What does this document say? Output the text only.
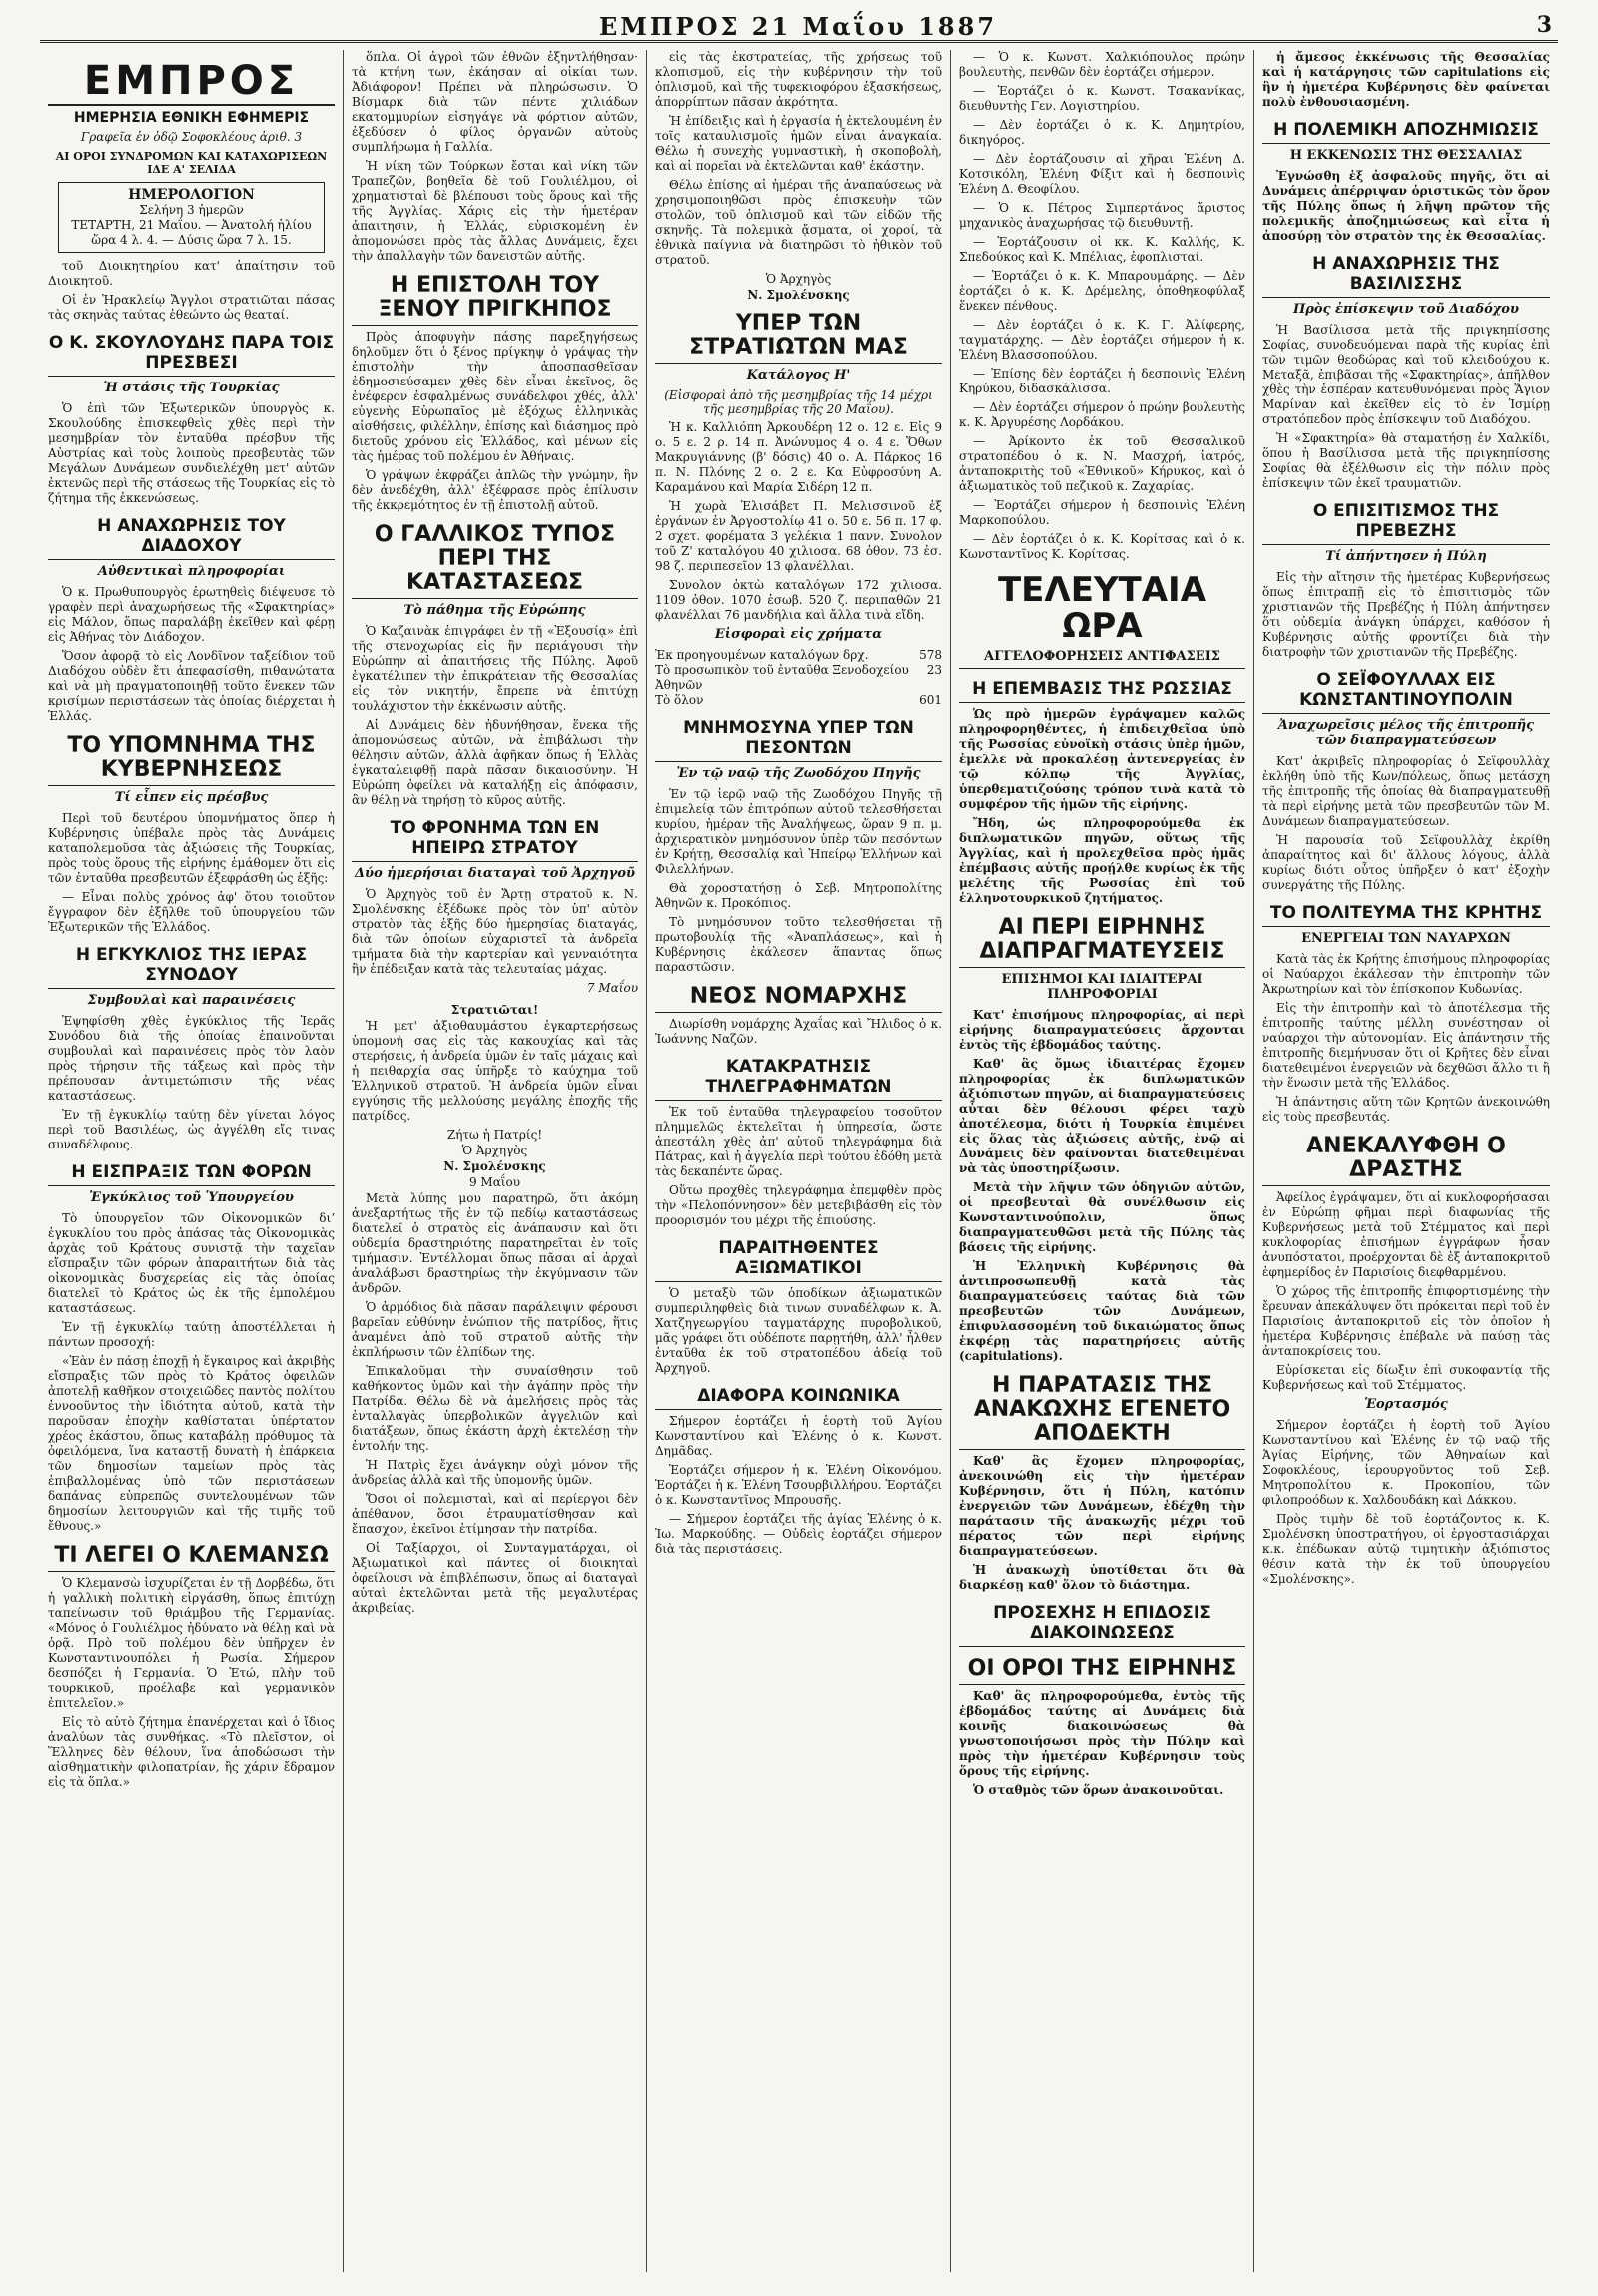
ΕΜΠΡΟΣ 21 Μαΐου 1887	3
ΕΜΠΡΟΣ
ΗΜΕΡΗΣΙΑ ΕΘΝΙΚΗ ΕΦΗΜΕΡΙΣ
Γραφεῖα ἐν ὁδῷ Σοφοκλέους ἀριθ. 3
ΑΙ ΟΡΟΙ ΣΥΝΔΡΟΜΩΝ ΚΑΙ ΚΑΤΑΧΩΡΙΣΕΩΝ ΙΔΕ Α' ΣΕΛΙΔΑ
ΗΜΕΡΟΛΟΓΙΟΝ
Σελήνη 3 ἡμερῶν
ΤΕΤΑΡΤΗ, 21 Μαΐου. — Ἀνατολή ἡλίου ὥρα 4 λ. 4. — Δύσις ὥρα 7 λ. 15.

τοῦ Διοικητηρίου κατ' ἀπαίτησιν τοῦ Διοικητοῦ.

Οἱ ἐν Ἡρακλείῳ Ἄγγλοι στρατιῶται πάσας τὰς σκηνὰς ταύτας ἐθεώντο ὡς θεαταί.

Ο Κ. ΣΚΟΥΛΟΥΔΗΣ ΠΑΡΑ ΤΟΙΣ ΠΡΕΣΒΕΣΙ
Ἡ στάσις τῆς Τουρκίας

Ὁ ἐπὶ τῶν Ἐξωτερικῶν ὑπουργὸς κ. Σκουλούδης ἐπισκεφθεὶς χθὲς περὶ τὴν μεσημβρίαν τὸν ἐνταῦθα πρέσβυν τῆς Αὐστρίας καὶ τοὺς λοιποὺς πρεσβευτὰς τῶν Μεγάλων Δυνάμεων συνδιελέχθη μετ' αὐτῶν ἐκτενῶς περὶ τῆς στάσεως τῆς Τουρκίας εἰς τὸ ζήτημα τῆς ἐκκενώσεως.

Η ΑΝΑΧΩΡΗΣΙΣ ΤΟΥ ΔΙΑΔΟΧΟΥ
Αὐθεντικαὶ πληροφορίαι

Ὁ κ. Πρωθυπουργὸς ἐρωτηθεὶς διέψευσε τὸ γραφὲν περὶ ἀναχωρήσεως τῆς «Σφακτηρίας» εἰς Μάλον, ὅπως παραλάβῃ ἐκεῖθεν καὶ φέρῃ εἰς Ἀθήνας τὸν Διάδοχον.

Ὅσον ἀφορᾷ τὸ εἰς Λονδῖνον ταξείδιον τοῦ Διαδόχου οὐδὲν ἔτι ἀπεφασίσθη, πιθανώτατα καὶ νὰ μὴ πραγματοποιηθῇ τοῦτο ἕνεκεν τῶν κρισίμων περιστάσεων τὰς ὁποίας διέρχεται ἡ Ἑλλάς.

ΤΟ ΥΠΟΜΝΗΜΑ ΤΗΣ ΚΥΒΕΡΝΗΣΕΩΣ
Τί εἶπεν εἰς πρέσβυς

Περὶ τοῦ δευτέρου ὑπομνήματος ὅπερ ἡ Κυβέρνησις ὑπέβαλε πρὸς τὰς Δυνάμεις καταπολεμοῦσα τὰς ἀξιώσεις τῆς Τουρκίας, πρὸς τοὺς ὅρους τῆς εἰρήνης ἐμάθομεν ὅτι εἰς τῶν ἐνταῦθα πρεσβευτῶν ἐξεφράσθη ὡς ἑξῆς:

— Εἶναι πολὺς χρόνος ἀφ' ὅτου τοιοῦτον ἔγγραφον δὲν ἐξῆλθε τοῦ ὑπουργείου τῶν Ἐξωτερικῶν τῆς Ἑλλάδος.

Η ΕΓΚΥΚΛΙΟΣ ΤΗΣ ΙΕΡΑΣ ΣΥΝΟΔΟΥ
Συμβουλαὶ καὶ παραινέσεις

Ἐψηφίσθη χθὲς ἐγκύκλιος τῆς Ἱερᾶς Συνόδου διὰ τῆς ὁποίας ἐπαινοῦνται συμβουλαὶ καὶ παραινέσεις πρὸς τὸν λαὸν πρὸς τήρησιν τῆς τάξεως καὶ πρὸς τὴν πρέπουσαν ἀντιμετώπισιν τῆς νέας καταστάσεως.

Ἐν τῇ ἐγκυκλίῳ ταύτῃ δὲν γίνεται λόγος περὶ τοῦ Βασιλέως, ὡς ἀγγέλθη εἴς τινας συναδέλφους.

Η ΕΙΣΠΡΑΞΙΣ ΤΩΝ ΦΟΡΩΝ
Ἐγκύκλιος τοῦ Ὑπουργείου

Τὸ ὑπουργεῖον τῶν Οἰκονομικῶν διʼ ἐγκυκλίου του πρὸς ἁπάσας τὰς Οἰκονομικὰς ἀρχὰς τοῦ Κράτους συνιστᾷ τὴν ταχεῖαν εἴσπραξιν τῶν φόρων ἀπαραιτήτων διὰ τὰς οἰκονομικὰς δυσχερείας εἰς τὰς ὁποίας διατελεῖ τὸ Κράτος ὡς ἐκ τῆς ἐμπολέμου καταστάσεως.

Ἐν τῇ ἐγκυκλίῳ ταύτῃ ἀποστέλλεται ἡ πάντων προσοχή:

«Ἐὰν ἐν πάσῃ ἐποχῇ ἡ ἔγκαιρος καὶ ἀκριβὴς εἴσπραξις τῶν πρὸς τὸ Κράτος ὀφειλῶν ἀποτελῇ καθῆκον στοιχειῶδες παντὸς πολίτου ἐννοοῦντος τὴν ἰδιότητα αὐτοῦ, κατὰ τὴν παροῦσαν ἐποχὴν καθίσταται ὑπέρτατον χρέος ἑκάστου, ὅπως καταβάλῃ πρόθυμος τὰ ὀφειλόμενα, ἵνα καταστῇ δυνατὴ ἡ ἐπάρκεια τῶν δημοσίων ταμείων πρὸς τὰς ἐπιβαλλομένας ὑπὸ τῶν περιστάσεων δαπάνας εὐπρεπῶς συντελουμένων τῶν δημοσίων λειτουργιῶν καὶ τῆς τιμῆς τοῦ ἔθνους.»

ΤΙ ΛΕΓΕΙ Ο ΚΛΕΜΑΝΣΩ

Ὁ Κλεμανσὼ ἰσχυρίζεται ἐν τῇ Δορβέδω, ὅτι ἡ γαλλικὴ πολιτικὴ εἰργάσθη, ὅπως ἐπιτύχῃ ταπείνωσιν τοῦ θριάμβου τῆς Γερμανίας. «Μόνος ὁ Γουλιέλμος ἠδύνατο νὰ θέλῃ καὶ νὰ ὁρᾷ. Πρὸ τοῦ πολέμου δὲν ὑπῆρχεν ἐν Κωνσταντινουπόλει ἡ Ρωσία. Σήμερον δεσπόζει ἡ Γερμανία. Ὁ Ἑτώ, πλὴν τοῦ τουρκικοῦ, προέλαβε καὶ γερμανικὸν ἐπιτελεῖον.»

Εἰς τὸ αὐτὸ ζήτημα ἐπανέρχεται καὶ ὁ ἴδιος ἀναλύων τὰς συνθήκας. «Τὸ πλεῖστον, οἱ Ἕλληνες δὲν θέλουν, ἵνα ἀποδώσωσι τὴν αἰσθηματικὴν φιλοπατρίαν, ἢς χάριν ἔδραμον εἰς τὰ ὅπλα.»

ὅπλα. Οἱ ἀγροὶ τῶν ἐθνῶν ἐξηντλήθησαν· τὰ κτήνη των, ἐκάησαν αἱ οἰκίαι των. Ἀδιάφορον! Πρέπει νὰ πληρώσωσιν. Ὁ Βίσμαρκ διὰ τῶν πέντε χιλιάδων εκατομμυρίων εἰσηγάγε νὰ φόρτιον αὐτῶν, ἐξεδύσεν ὁ φίλος ὀργανῶν αὐτοὺς συμπλήρωμα ἡ Γαλλία.

Ἡ νίκη τῶν Τούρκων ἔσται καὶ νίκη τῶν Τραπεζῶν, βοηθεῖα δὲ τοῦ Γουλιέλμου, οἱ χρηματισταὶ δὲ βλέπουσι τοὺς ὅρους καὶ τῆς τῆς Ἀγγλίας. Χάρις εἰς τὴν ἡμετέραν ἀπαιτησιν, ἡ Ἑλλάς, εὐρισκομένη ἐν ἀπομονώσει πρὸς τὰς ἄλλας Δυνάμεις, ἔχει τὴν ἀπαλλαγὴν τῶν δανειστῶν αὐτῆς.

Η ΕΠΙΣΤΟΛΗ ΤΟΥ ΞΕΝΟΥ ΠΡΙΓΚΗΠΟΣ

Πρὸς ἀποφυγὴν πάσης παρεξηγήσεως δηλοῦμεν ὅτι ὁ ξένος πρίγκηψ ὁ γράψας τὴν ἐπιστολὴν τὴν ἀποσπασθεῖσαν ἐδημοσιεύσαμεν χθὲς δὲν εἶναι ἐκεῖνος, ὃς ἐνέφερον ἐσφαλμένως συνάδελφοι χθές, ἀλλ' εὐγενὴς Εὐρωπαῖος μὲ ἐξόχως ἑλληνικὰς αἰσθήσεις, φιλέλλην, ἐπίσης καὶ διάσημος πρὸ διετοῦς χρόνου εἰς Ἑλλάδος, καὶ μένων εἰς τὰς ἡμέρας τοῦ πολέμου ἐν Ἀθήναις.

Ὁ γράψων ἐκφράζει ἁπλῶς τὴν γνώμην, ἣν δὲν ἀνεδέχθη, ἀλλ' ἐξέφρασε πρὸς ἐπίλυσιν τῆς ἐκκρεμότητος ἐν τῇ ἐπιστολῇ αὐτοῦ.

Ο ΓΑΛΛΙΚΟΣ ΤΥΠΟΣ ΠΕΡΙ ΤΗΣ ΚΑΤΑΣΤΑΣΕΩΣ
Τὸ πάθημα τῆς Εὐρώπης

Ὁ Καζαινὰκ ἐπιγράφει ἐν τῇ «Ἐξουσίᾳ» ἐπὶ τῆς στενοχωρίας εἰς ἣν περιάγουσι τὴν Εὐρώπην αἱ ἀπαιτήσεις τῆς Πύλης. Ἀφοῦ ἐγκατέλιπεν τὴν ἐπικράτειαν τῆς Θεσσαλίας εἰς τὸν νικητήν, ἔπρεπε νὰ ἐπιτύχῃ τουλάχιστον τὴν ἐκκένωσιν αὐτῆς.

Αἱ Δυνάμεις δὲν ἠδυνήθησαν, ἕνεκα τῆς ἀπομονώσεως αὐτῶν, νὰ ἐπιβάλωσι τὴν θέλησιν αὐτῶν, ἀλλὰ ἀφῆκαν ὅπως ἡ Ἑλλὰς ἐγκαταλειφθῇ παρὰ πᾶσαν δικαιοσύνην. Ἡ Εὐρώπη ὀφείλει νὰ καταλήξῃ εἰς ἀπόφασιν, ἂν θέλῃ νὰ τηρήσῃ τὸ κῦρος αὐτῆς.

ΤΟ ΦΡΟΝΗΜΑ ΤΩΝ ΕΝ ΗΠΕΙΡΩ ΣΤΡΑΤΟΥ
Δύο ἡμερήσιαι διαταγαὶ τοῦ Ἀρχηγοῦ

Ὁ Ἀρχηγὸς τοῦ ἐν Ἄρτῃ στρατοῦ κ. Ν. Σμολένσκης ἐξέδωκε πρὸς τὸν ὑπ' αὐτὸν στρατὸν τὰς ἑξῆς δύο ἡμερησίας διαταγάς, διὰ τῶν ὁποίων εὐχαριστεῖ τὰ ἀνδρεῖα τμήματα διὰ τὴν καρτερίαν καὶ γενναιότητα ἣν ἐπέδειξαν κατὰ τὰς τελευταίας μάχας.

7 Μαΐου
Στρατιῶται!

Ἡ μετ' ἀξιοθαυμάστου ἐγκαρτερήσεως ὑπομονὴ σας εἰς τὰς κακουχίας καὶ τὰς στερήσεις, ἡ ἀνδρεία ὑμῶν ἐν ταῖς μάχαις καὶ ἡ πειθαρχία σας ὑπῆρξε τὸ καύχημα τοῦ Ἑλληνικοῦ στρατοῦ. Ἡ ἀνδρεία ὑμῶν εἶναι εγγύησις τῆς μελλούσης μεγάλης ἐποχῆς τῆς πατρίδος.

Ζήτω ἡ Πατρίς!
Ὁ Ἀρχηγὸς
Ν. Σμολένσκης
9 Μαΐου

Μετὰ λύπης μου παρατηρῶ, ὅτι ἀκόμη ἀνεξαρτήτως τῆς ἐν τῷ πεδίῳ καταστάσεως διατελεῖ ὁ στρατὸς εἰς ἀνάπαυσιν καὶ ὅτι οὐδεμία δραστηριότης παρατηρεῖται ἐν τοῖς τμήμασιν. Ἐντέλλομαι ὅπως πᾶσαι αἱ ἀρχαὶ ἀναλάβωσι δραστηρίως τὴν ἐκγύμνασιν τῶν ἀνδρῶν.

Ὁ ἀρμόδιος διὰ πᾶσαν παράλειψιν φέρουσι βαρεῖαν εὐθύνην ἐνώπιον τῆς πατρίδος, ἥτις ἀναμένει ἀπὸ τοῦ στρατοῦ αὐτῆς τὴν ἐκπλήρωσιν τῶν ἐλπίδων της.

Ἐπικαλοῦμαι τὴν συναίσθησιν τοῦ καθήκοντος ὑμῶν καὶ τὴν ἀγάπην πρὸς τὴν Πατρίδα. Θέλω δὲ νὰ ἀμελήσεις πρὸς τὰς ἐνταλλαγὰς ὑπερβολικῶν ἀγγελιῶν καὶ διατάξεων, ὅπως ἐκάστη ἀρχὴ ἐκτελέσῃ τὴν ἐντολήν της.

Ἡ Πατρὶς ἔχει ἀνάγκην οὐχὶ μόνον τῆς ἀνδρείας ἀλλὰ καὶ τῆς ὑπομονῆς ὑμῶν.

Ὅσοι οἱ πολεμισταὶ, καὶ αἱ περίεργοι δὲν ἀπέθανον, ὅσοι ἐτραυματίσθησαν καὶ ἔπασχον, ἐκεῖνοι ἐτίμησαν τὴν πατρίδα.

Οἱ Ταξίαρχοι, οἱ Συνταγματάρχαι, οἱ Ἀξιωματικοὶ καὶ πάντες οἱ διοικηταὶ ὀφείλουσι νὰ ἐπιβλέπωσιν, ὅπως αἱ διαταγαὶ αὐταὶ ἐκτελῶνται μετὰ τῆς μεγαλυτέρας ἀκριβείας.

εἰς τὰς ἐκστρατείας, τῆς χρήσεως τοῦ κλοπισμοῦ, εἰς τὴν κυβέρνησιν τὴν τοῦ ὁπλισμοῦ, καὶ τῆς τυφεκιοφόρου ἐξασκήσεως, ἀπορρίπτων πᾶσαν ἀκρότητα.

Ἡ ἐπίδειξις καὶ ἡ ἐργασία ἡ ἐκτελουμένη ἐν τοῖς καταυλισμοῖς ἡμῶν εἶναι ἀναγκαία. Θέλω ἡ συνεχὴς γυμναστικὴ, ἡ σκοποβολὴ, καὶ αἱ πορεῖαι νὰ ἐκτελῶνται καθ' ἑκάστην.

Θέλω ἐπίσης αἱ ἡμέραι τῆς ἀναπαύσεως νὰ χρησιμοποιηθῶσι πρὸς ἐπισκευὴν τῶν στολῶν, τοῦ ὁπλισμοῦ καὶ τῶν εἰδῶν τῆς σκηνῆς. Τὰ πολεμικὰ ᾄσματα, οἱ χοροί, τὰ ἐθνικὰ παίγνια νὰ διατηρῶσι τὸ ἠθικὸν τοῦ στρατοῦ.

Ὁ Ἀρχηγὸς
Ν. Σμολένσκης
ΥΠΕΡ ΤΩΝ ΣΤΡΑΤΙΩΤΩΝ ΜΑΣ
Κατάλογος Η'
(Εἰσφοραὶ ἀπὸ τῆς μεσημβρίας τῆς 14 μέχρι τῆς μεσημβρίας τῆς 20 Μαΐου).

Ἡ κ. Καλλιόπη Ἀρκουδέρη 12 ο. 12 ε. Εἰς 9 ο. 5 ε. 2 ρ. 14 π. Ἀνώνυμος 4 ο. 4 ε. Ὅθων Μακρυγιάννης (β' δόσις) 40 ο. Α. Πάρκος 16 π. Ν. Πλόνης 2 ο. 2 ε. Κα Εὐφροσύνη Α. Καραμάνου καὶ Μαρία Σιδέρη 12 π.

Ἡ χωρὰ Ἐλισάβετ Π. Μελισσινοῦ ἐξ ἐργάνων ἐν Ἀργοστολίῳ 41 ο. 50 ε. 56 π. 17 φ. 2 σχετ. φορέματα 3 γελέκια 1 πανν. Συνολον τοῦ Ζ' καταλόγου 40 χιλιοσα. 68 ὀθον. 73 ἐσ. 98 ζ. περιπεσεῖον 13 φλανέλλαι.

Συνολον ὁκτὼ καταλόγων 172 χιλιοσα. 1109 ὀθον. 1070 ἐσωβ. 520 ζ. περιπαθῶν 21 φλανέλλαι 76 μανδήλια καὶ ἄλλα τινὰ εἴδη.

Εἰσφοραὶ εἰς χρήματα
Ἐκ προηγουμένων καταλόγων δρχ.	578
Τὸ προσωπικὸν τοῦ ἐνταῦθα Ξενοδοχείου Ἀθηνῶν
23
Τὸ ὅλον	601
ΜΝΗΜΟΣΥΝΑ ΥΠΕΡ ΤΩΝ ΠΕΣΟΝΤΩΝ
Ἐν τῷ ναῷ τῆς Ζωοδόχου Πηγῆς

Ἐν τῷ ἱερῷ ναῷ τῆς Ζωοδόχου Πηγῆς τῇ ἐπιμελείᾳ τῶν ἐπιτρόπων αὐτοῦ τελεσθήσεται κυρίου, ἡμέραν τῆς Ἀναλήψεως, ὥραν 9 π. μ. ἀρχιερατικὸν μνημόσυνον ὑπὲρ τῶν πεσόντων ἐν Κρήτῃ, Θεσσαλίᾳ καὶ Ἠπείρῳ Ἑλλήνων καὶ Φιλελλήνων.

Θὰ χοροστατήσῃ ὁ Σεβ. Μητροπολίτης Ἀθηνῶν κ. Προκόπιος.

Τὸ μνημόσυνον τοῦτο τελεσθήσεται τῇ πρωτοβουλίᾳ τῆς «Ἀναπλάσεως», καὶ ἡ Κυβέρνησις ἐκάλεσεν ἅπαντας ὅπως παραστῶσιν.

ΝΕΟΣ ΝΟΜΑΡΧΗΣ

Διωρίσθη νομάρχης Ἀχαΐας καὶ Ἤλιδος ὁ κ. Ἰωάννης Ναζῶν.

ΚΑΤΑΚΡΑΤΗΣΙΣ ΤΗΛΕΓΡΑΦΗΜΑΤΩΝ

Ἐκ τοῦ ἐνταῦθα τηλεγραφείου τοσοῦτον πλημμελῶς ἐκτελεῖται ἡ ὑπηρεσία, ὥστε ἀπεστάλη χθὲς ἀπ' αὐτοῦ τηλεγράφημα διὰ Πάτρας, καὶ ἡ ἀγγελία περὶ τούτου ἐδόθη μετὰ τὰς δεκαπέντε ὥρας.

Οὕτω προχθὲς τηλεγράφημα ἐπεμφθὲν πρὸς τὴν «Πελοπόννησον» δὲν μετεβιβάσθη εἰς τὸν προορισμόν του μέχρι τῆς ἐπιούσης.

ΠΑΡΑΙΤΗΘΕΝΤΕΣ ΑΞΙΩΜΑΤΙΚΟΙ

Ὁ μεταξὺ τῶν ὁποδίκων ἀξιωματικῶν συμπεριληφθεὶς διὰ τινων συναδέλφων κ. Ἀ. Χατζηγεωργίου ταγματάρχης πυροβολικοῦ, μᾶς γράφει ὅτι οὐδέποτε παρῃτήθη, ἀλλ' ἦλθεν ἐνταῦθα ἐκ τοῦ στρατοπέδου ἀδείᾳ τοῦ Ἀρχηγοῦ.

ΔΙΑΦΟΡΑ ΚΟΙΝΩΝΙΚΑ

Σήμερον ἑορτάζει ἡ ἑορτὴ τοῦ Ἁγίου Κωνσταντίνου καὶ Ἑλένης ὁ κ. Κωνστ. Δημᾶδας.

Ἑορτάζει σήμερον ἡ κ. Ἑλένη Οἰκονόμου. Ἑορτάζει ἡ κ. Ἑλένη Τσουρβιλλήρου. Ἑορτάζει ὁ κ. Κωνσταντῖνος Μπρουσῆς.

— Σήμερον ἑορτάζει τῆς ἁγίας Ἑλένης ὁ κ. Ἰω. Μαρκούδης. — Οὐδεὶς ἑορτάζει σήμερον διὰ τὰς περιστάσεις.

— Ὁ κ. Κωνστ. Χαλκιόπουλος πρώην βουλευτὴς, πενθῶν δὲν ἑορτάζει σήμερον.

— Ἑορτάζει ὁ κ. Κωνστ. Τσακανίκας, διευθυντὴς Γεν. Λογιστηρίου.

— Δὲν ἑορτάζει ὁ κ. Κ. Δημητρίου, δικηγόρος.

— Δὲν ἑορτάζουσιν αἱ χῆραι Ἑλένη Δ. Κοτσικόλη, Ἑλένη Φίξιτ καὶ ἡ δεσποινὶς Ἑλένη Δ. Θεοφίλου.

— Ὁ κ. Πέτρος Σιμπερτάνος ἄριστος μηχανικὸς ἀναχωρήσας τῷ διευθυντῇ.

— Ἑορτάζουσιν οἱ κκ. Κ. Καλλής, Κ. Σπεδούκος καὶ Κ. Μπέλιας, ἐφοπλισταί.

— Ἑορτάζει ὁ κ. Κ. Μπαρουμάρης. — Δὲν ἑορτάζει ὁ κ. Κ. Δρέμελης, ὁποθηκοφύλαξ ἕνεκεν πένθους.

— Δὲν ἑορτάζει ὁ κ. Κ. Γ. Ἀλίφερης, ταγματάρχης. — Δὲν ἑορτάζει σήμερον ἡ κ. Ἑλένη Βλασσοπούλου.

— Ἐπίσης δὲν ἑορτάζει ἡ δεσποινὶς Ἑλένη Κηρύκου, διδασκάλισσα.

— Δὲν ἑορτάζει σήμερον ὁ πρώην βουλευτὴς κ. Κ. Ἀργυρέσης Λορδάκου.

— Ἀρίκοντο ἐκ τοῦ Θεσσαλικοῦ στρατοπέδου ὁ κ. Ν. Μασχρή, ἰατρός, ἀνταποκριτὴς τοῦ «Ἐθνικοῦ» Κήρυκος, καὶ ὁ ἀξιωματικὸς τοῦ πεζικοῦ κ. Ζαχαρίας.

— Ἑορτάζει σήμερον ἡ δεσποινὶς Ἑλένη Μαρκοπούλου.

— Δὲν ἑορτάζει ὁ κ. Κ. Κορίτσας καὶ ὁ κ. Κωνσταντῖνος Κ. Κορίτσας.

ΤΕΛΕΥΤΑΙΑ ΩΡΑ
ΑΓΓΕΛΟΦΟΡΗΣΕΙΣ ΑΝΤΙΦΑΣΕΙΣ
Η ΕΠΕΜΒΑΣΙΣ ΤΗΣ ΡΩΣΣΙΑΣ

Ὡς πρὸ ἡμερῶν ἐγράψαμεν καλῶς πληροφορηθέντες, ἡ ἐπιδειχθεῖσα ὑπὸ τῆς Ρωσσίας εὐνοϊκὴ στάσις ὑπὲρ ἡμῶν, ἐμελλε νὰ προκαλέσῃ ἀντενεργείας ἐν τῷ κόλπῳ τῆς Ἀγγλίας, ὑπερθεματιζούσης τρόπον τινὰ κατὰ τὸ συμφέρον τῆς ἡμῶν τῆς εἰρήνης.

Ἤδη, ὡς πληροφορούμεθα ἐκ διπλωματικῶν πηγῶν, οὕτως τῆς Ἀγγλίας, καὶ ἡ προλεχθεῖσα πρὸς ἡμᾶς ἐπέμβασις αὐτῆς προῄλθε κυρίως ἐκ τῆς μελέτης τῆς Ρωσσίας ἐπὶ τοῦ ἑλληνοτουρκικοῦ ζητήματος.

ΑΙ ΠΕΡΙ ΕΙΡΗΝΗΣ ΔΙΑΠΡΑΓΜΑΤΕΥΣΕΙΣ
ΕΠΙΣΗΜΟΙ ΚΑΙ ΙΔΙΑΙΤΕΡΑΙ ΠΛΗΡΟΦΟΡΙΑΙ

Κατ' ἐπισήμους πληροφορίας, αἱ περὶ εἰρήνης διαπραγματεύσεις ἄρχονται ἐντὸς τῆς ἑβδομάδος ταύτης.

Καθ' ἃς ὅμως ἰδιαιτέρας ἔχομεν πληροφορίας ἐκ διπλωματικῶν ἀξιόπιστων πηγῶν, αἱ διαπραγματεύσεις αὗται δὲν θέλουσι φέρει ταχὺ ἀποτέλεσμα, διότι ἡ Τουρκία ἐπιμένει εἰς ὅλας τὰς ἀξιώσεις αὐτῆς, ἐνῷ αἱ Δυνάμεις δὲν φαίνονται διατεθειμέναι νὰ τὰς ὑποστηρίξωσιν.

Μετὰ τὴν λῆψιν τῶν ὁδηγιῶν αὐτῶν, οἱ πρεσβευταὶ θὰ συνέλθωσιν εἰς Κωνσταντινούπολιν, ὅπως διαπραγματευθῶσι μετὰ τῆς Πύλης τὰς βάσεις τῆς εἰρήνης.

Ἡ Ἑλληνικὴ Κυβέρνησις θὰ ἀντιπροσωπευθῇ κατὰ τὰς διαπραγματεύσεις ταύτας διὰ τῶν πρεσβευτῶν τῶν Δυνάμεων, ἐπιφυλασσομένη τοῦ δικαιώματος ὅπως ἐκφέρῃ τὰς παρατηρήσεις αὐτῆς (capitulations).

Η ΠΑΡΑΤΑΣΙΣ ΤΗΣ ΑΝΑΚΩΧΗΣ ΕΓΕΝΕΤΟ ΑΠΟΔΕΚΤΗ

Καθ' ἃς ἔχομεν πληροφορίας, ἀνεκοινώθη εἰς τὴν ἡμετέραν Κυβέρνησιν, ὅτι ἡ Πύλη, κατόπιν ἐνεργειῶν τῶν Δυνάμεων, ἐδέχθη τὴν παράτασιν τῆς ἀνακωχῆς μέχρι τοῦ πέρατος τῶν περὶ εἰρήνης διαπραγματεύσεων.

Ἡ ἀνακωχὴ ὑποτίθεται ὅτι θὰ διαρκέσῃ καθ' ὅλον τὸ διάστημα.

ΠΡΟΣΕΧΗΣ Η ΕΠΙΔΟΣΙΣ ΔΙΑΚΟΙΝΩΣΕΩΣ
ΟΙ ΟΡΟΙ ΤΗΣ ΕΙΡΗΝΗΣ

Καθ' ἃς πληροφορούμεθα, ἐντὸς τῆς ἑβδομάδος ταύτης αἱ Δυνάμεις διὰ κοινῆς διακοινώσεως θὰ γνωστοποιήσωσι πρὸς τὴν Πύλην καὶ πρὸς τὴν ἡμετέραν Κυβέρνησιν τοὺς ὅρους τῆς εἰρήνης.

Ὁ σταθμὸς τῶν ὅρων ἀνακοινοῦται.

ἡ ἄμεσος ἐκκένωσις τῆς Θεσσαλίας καὶ ἡ κατάργησις τῶν capitulations εἰς ἣν ἡ ἡμετέρα Κυβέρνησις δὲν φαίνεται πολὺ ἐνθουσιασμένη.

Η ΠΟΛΕΜΙΚΗ ΑΠΟΖΗΜΙΩΣΙΣ
Η ΕΚΚΕΝΩΣΙΣ ΤΗΣ ΘΕΣΣΑΛΙΑΣ

Ἐγνώσθη ἐξ ἀσφαλοῦς πηγῆς, ὅτι αἱ Δυνάμεις ἀπέρριψαν ὁριστικῶς τὸν ὅρον τῆς Πύλης ὅπως ἡ λῆψη πρῶτον τῆς πολεμικῆς ἀποζημιώσεως καὶ εἶτα ἡ ἀποσύρῃ τὸν στρατὸν της ἐκ Θεσσαλίας.

Η ΑΝΑΧΩΡΗΣΙΣ ΤΗΣ ΒΑΣΙΛΙΣΣΗΣ
Πρὸς ἐπίσκεψιν τοῦ Διαδόχου

Ἡ Βασίλισσα μετὰ τῆς πριγκηπίσσης Σοφίας, συνοδευόμεναι παρὰ τῆς κυρίας ἐπὶ τῶν τιμῶν θεοδώρας καὶ τοῦ κλειδούχου κ. Μεταξᾶ, ἐπιβᾶσαι τῆς «Σφακτηρίας», ἀπῆλθον χθὲς τὴν ἑσπέραν κατευθυνόμεναι πρὸς Ἅγιον Μαρίναν καὶ ἐκεῖθεν εἰς τὸ ἐν Ἰσμίρῃ στρατόπεδον πρὸς ἐπίσκεψιν τοῦ Διαδόχου.

Ἡ «Σφακτηρία» θὰ σταματήσῃ ἐν Χαλκίδι, ὅπου ἡ Βασίλισσα μετὰ τῆς πριγκηπίσσης Σοφίας θὰ ἐξέλθωσιν εἰς τὴν πόλιν πρὸς ἐπίσκεψιν τῶν ἐκεῖ τραυματιῶν.

Ο ΕΠΙΣΙΤΙΣΜΟΣ ΤΗΣ ΠΡΕΒΕΖΗΣ
Τί ἀπήντησεν ἡ Πύλη

Εἰς τὴν αἴτησιν τῆς ἡμετέρας Κυβερνήσεως ὅπως ἐπιτραπῇ εἰς τὸ ἐπισιτισμὸς τῶν χριστιανῶν τῆς Πρεβέζης ἡ Πύλη ἀπήντησεν ὅτι οὐδεμία ἀνάγκη ὑπάρχει, καθόσον ἡ Κυβέρνησις αὐτῆς φροντίζει διὰ τὴν διατροφὴν τῶν χριστιανῶν τῆς Πρεβέζης.

Ο ΣΕΪΦΟΥΛΛΑΧ ΕΙΣ ΚΩΝΣΤΑΝΤΙΝΟΥΠΟΛΙΝ
Ἀναχωρεῖσις μέλος τῆς ἐπιτροπῆς τῶν διαπραγματεύσεων

Κατ' ἀκριβεῖς πληροφορίας ὁ Σεϊφουλλὰχ ἐκλήθη ὑπὸ τῆς Κων/πόλεως, ὅπως μετάσχη τῆς ἐπιτροπῆς τῆς ὁποίας θὰ διαπραγματευθῇ τὰ περὶ εἰρήνης μετὰ τῶν πρεσβευτῶν τῶν Μ. Δυνάμεων διαπραγματεύσεων.

Ἡ παρουσία τοῦ Σεϊφουλλὰχ ἐκρίθη ἀπαραίτητος καὶ δι' ἄλλους λόγους, ἀλλὰ κυρίως διότι οὗτος ὑπῆρξεν ὁ κατ' ἐξοχὴν συνεργάτης τῆς Πύλης.

ΤΟ ΠΟΛΙΤΕΥΜΑ ΤΗΣ ΚΡΗΤΗΣ
ΕΝΕΡΓΕΙΑΙ ΤΩΝ ΝΑΥΑΡΧΩΝ

Κατὰ τὰς ἐκ Κρήτης ἐπισήμους πληροφορίας οἱ Ναύαρχοι ἐκάλεσαν τὴν ἐπιτροπὴν τῶν Ἀκρωτηρίων καὶ τὸν ἐπίσκοπον Κυδωνίας.

Εἰς τὴν ἐπιτροπὴν καὶ τὸ ἀποτέλεσμα τῆς ἐπιτροπῆς ταύτης μέλλη συνέστησαν οἱ ναύαρχοι τὴν αὐτονομίαν. Εἰς ἀπάντησιν τῆς ἐπιτροπῆς διεμήνυσαν ὅτι οἱ Κρῆτες δὲν εἶναι διατεθειμένοι ἐνεργειῶν νὰ δεχθῶσι ἄλλο τι ἢ τὴν ἕνωσιν μετὰ τῆς Ἑλλάδος.

Ἡ ἀπάντησις αὕτη τῶν Κρητῶν ἀνεκοινώθη εἰς τοὺς πρεσβευτάς.

ΑΝΕΚΑΛΥΦΘΗ Ο ΔΡΑΣΤΗΣ

Ἀφείλος ἐγράψαμεν, ὅτι αἱ κυκλοφορήσασαι ἐν Εὐρώπῃ φῆμαι περὶ διαφωνίας τῆς Κυβερνήσεως μετὰ τοῦ Στέμματος καὶ περὶ κυκλοφορίας ἐπισήμων ἐγγράφων ἦσαν ἀνυπόστατοι, προέρχονται δὲ ἐξ ἀνταποκριτοῦ ἐφημερίδος ἐν Παρισίοις διεφθαρμένου.

Ὁ χώρος τῆς ἐπιτροπῆς ἐπιφορτισμένης τὴν ἔρευναν ἀπεκάλυψεν ὅτι πρόκειται περὶ τοῦ ἐν Παρισίοις ἀνταποκριτοῦ εἰς τὸν ὁποῖον ἡ ἡμετέρα Κυβέρνησις ἐπέβαλε νὰ παύσῃ τὰς ἀνταποκρίσεις του.

Εὐρίσκεται εἰς δίωξιν ἐπὶ συκοφαντίᾳ τῆς Κυβερνήσεως καὶ τοῦ Στέμματος.

Ἑορτασμός

Σήμερον ἑορτάζει ἡ ἑορτὴ τοῦ Ἁγίου Κωνσταντίνου καὶ Ἑλένης ἐν τῷ ναῷ τῆς Ἁγίας Εἰρήνης, τῶν Ἀθηναίων καὶ Σοφοκλέους, ἱερουργοῦντος τοῦ Σεβ. Μητροπολίτου κ. Προκοπίου, τῶν φιλοπροόδων κ. Χαλδουδάκη καὶ Δάκκου.

Πρὸς τιμὴν δὲ τοῦ ἑορτάζοντος κ. Κ. Σμολένσκη ὑποστρατήγου, οἱ ἐργοστασιάρχαι κ.κ. ἐπέδωκαν αὐτῷ τιμητικὴν ἀξιόπιστος θέσιν κατὰ τὴν ἐκ τοῦ ὑπουργείου «Σμολένσκης».
